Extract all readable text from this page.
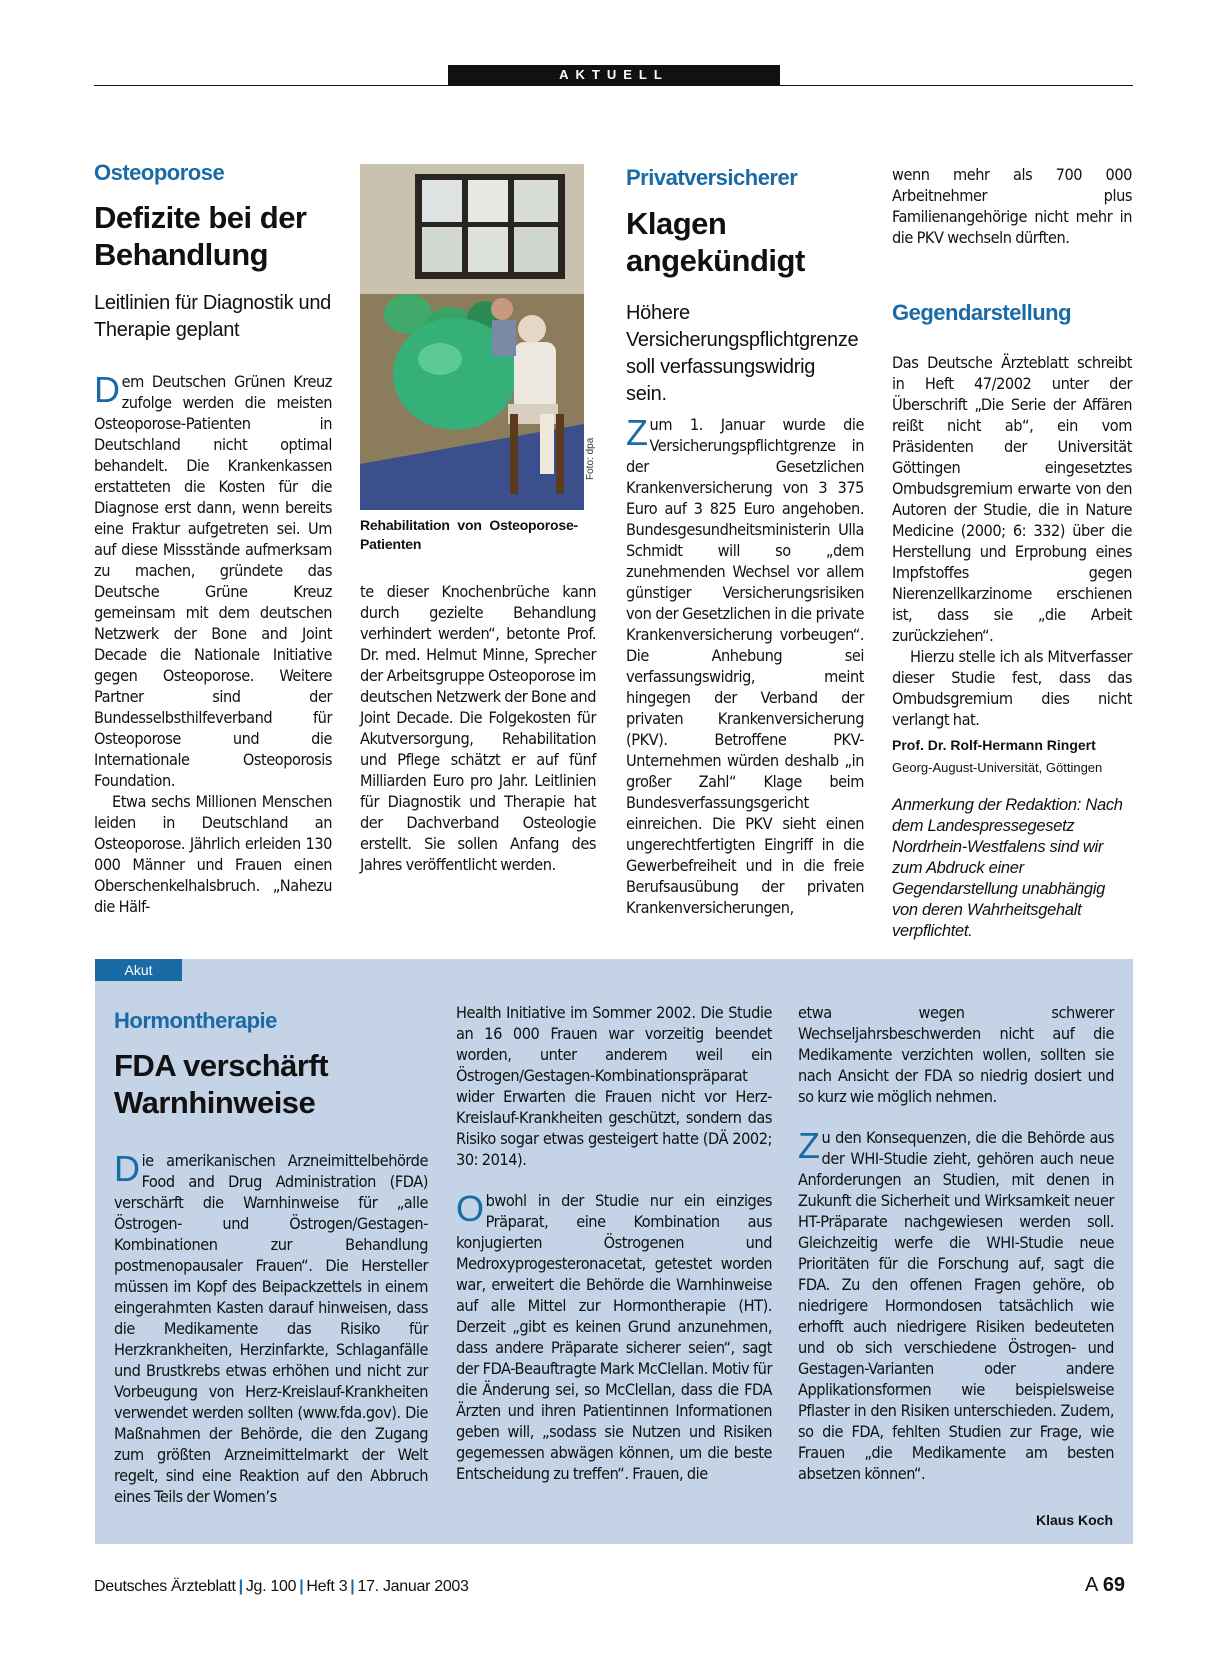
AKTUELL
Osteoporose
Defizite bei der Behandlung
Leitlinien für Diagnostik und Therapie geplant

Dem Deutschen Grünen Kreuz zufolge werden die meisten Osteoporose-Patienten in Deutschland nicht optimal behandelt. Die Krankenkassen erstatteten die Kosten für die Diagnose erst dann, wenn bereits eine Fraktur aufgetreten sei. Um auf diese Missstände aufmerksam zu machen, gründete das Deutsche Grüne Kreuz gemeinsam mit dem deutschen Netzwerk der Bone and Joint Decade die Nationale Initiative gegen Osteoporose. Weitere Partner sind der Bundesselbsthilfeverband für Osteoporose und die Internationale Osteoporosis Foundation.

Etwa sechs Millionen Menschen leiden in Deutschland an Osteoporose. Jährlich erleiden 130 000 Männer und Frauen einen Oberschenkelhalsbruch. „Nahezu die Hälf-

Foto: dpa
Rehabilitation von Osteoporose-Patienten

te dieser Knochenbrüche kann durch gezielte Behandlung verhindert werden“, betonte Prof. Dr. med. Helmut Minne, Sprecher der Arbeitsgruppe Osteoporose im deutschen Netzwerk der Bone and Joint Decade. Die Folgekosten für Akutversorgung, Rehabilitation und Pflege schätzt er auf fünf Milliarden Euro pro Jahr. Leitlinien für Diagnostik und Therapie hat der Dachverband Osteologie erstellt. Sie sollen Anfang des Jahres veröffentlicht werden.

Privatversicherer
Klagen angekündigt
Höhere Versicherungspflichtgrenze soll verfassungswidrig sein.

Zum 1. Januar wurde die Versicherungspflichtgrenze in der Gesetzlichen Krankenversicherung von 3 375 Euro auf 3 825 Euro angehoben. Bundesgesundheitsministerin Ulla Schmidt will so „dem zunehmenden Wechsel vor allem günstiger Versicherungsrisiken von der Gesetzlichen in die private Krankenversicherung vorbeugen“. Die Anhebung sei verfassungswidrig, meint hingegen der Verband der privaten Krankenversicherung (PKV). Betroffene PKV-Unternehmen würden deshalb „in großer Zahl“ Klage beim Bundesverfassungsgericht einreichen. Die PKV sieht einen ungerechtfertigten Eingriff in die Gewerbefreiheit und in die freie Berufsausübung der privaten Krankenversicherungen,

wenn mehr als 700 000 Arbeitnehmer plus Familienangehörige nicht mehr in die PKV wechseln dürften.

Gegendarstellung

Das Deutsche Ärzteblatt schreibt in Heft 47/2002 unter der Überschrift „Die Serie der Affären reißt nicht ab“, ein vom Präsidenten der Universität Göttingen eingesetztes Ombudsgremium erwarte von den Autoren der Studie, die in Nature Medicine (2000; 6: 332) über die Herstellung und Erprobung eines Impfstoffes gegen Nierenzellkarzinome erschienen ist, dass sie „die Arbeit zurückziehen“.

Hierzu stelle ich als Mitverfasser dieser Studie fest, dass das Ombudsgremium dies nicht verlangt hat.

Prof. Dr. Rolf-Hermann Ringert
Georg-August-Universität, Göttingen
Anmerkung der Redaktion: Nach dem Landespressegesetz Nordrhein-Westfalens sind wir zum Abdruck einer Gegendarstellung unabhängig von deren Wahrheitsgehalt verpflichtet.
Akut
Hormontherapie
FDA verschärft Warnhinweise

Die amerikanischen Arzneimittelbehörde Food and Drug Administration (FDA) verschärft die Warnhinweise für „alle Östrogen- und Östrogen/Gestagen-Kombinationen zur Behandlung postmenopausaler Frauen“. Die Hersteller müssen im Kopf des Beipackzettels in einem eingerahmten Kasten darauf hinweisen, dass die Medikamente das Risiko für Herzkrankheiten, Herzinfarkte, Schlaganfälle und Brustkrebs etwas erhöhen und nicht zur Vorbeugung von Herz-Kreislauf-Krankheiten verwendet werden sollten (www.fda.gov). Die Maßnahmen der Behörde, die den Zugang zum größten Arzneimittelmarkt der Welt regelt, sind eine Reaktion auf den Abbruch eines Teils der Women’s

Health Initiative im Sommer 2002. Die Studie an 16 000 Frauen war vorzeitig beendet worden, unter anderem weil ein Östrogen/Gestagen-Kombinationspräparat wider Erwarten die Frauen nicht vor Herz-Kreislauf-Krankheiten geschützt, sondern das Risiko sogar etwas gesteigert hatte (DÄ 2002; 30: 2014).

Obwohl in der Studie nur ein einziges Präparat, eine Kombination aus konjugierten Östrogenen und Medroxyprogesteronacetat, getestet worden war, erweitert die Behörde die Warnhinweise auf alle Mittel zur Hormontherapie (HT). Derzeit „gibt es keinen Grund anzunehmen, dass andere Präparate sicherer seien“, sagt der FDA-Beauftragte Mark McClellan. Motiv für die Änderung sei, so McClellan, dass die FDA Ärzten und ihren Patientinnen Informationen geben will, „sodass sie Nutzen und Risiken gegemessen abwägen können, um die beste Entscheidung zu treffen“. Frauen, die

etwa wegen schwerer Wechseljahrsbeschwerden nicht auf die Medikamente verzichten wollen, sollten sie nach Ansicht der FDA so niedrig dosiert und so kurz wie möglich nehmen.

Zu den Konsequenzen, die die Behörde aus der WHI-Studie zieht, gehören auch neue Anforderungen an Studien, mit denen in Zukunft die Sicherheit und Wirksamkeit neuer HT-Präparate nachgewiesen werden soll. Gleichzeitig werfe die WHI-Studie neue Prioritäten für die Forschung auf, sagt die FDA. Zu den offenen Fragen gehöre, ob niedrigere Hormondosen tatsächlich wie erhofft auch niedrigere Risiken bedeuteten und ob sich verschiedene Östrogen- und Gestagen-Varianten oder andere Applikationsformen wie beispielsweise Pflaster in den Risiken unterschieden. Zudem, so die FDA, fehlten Studien zur Frage, wie Frauen „die Medikamente am besten absetzen können“.

Klaus Koch
Deutsches Ärzteblatt | Jg. 100 | Heft 3 | 17. Januar 2003	A 69
